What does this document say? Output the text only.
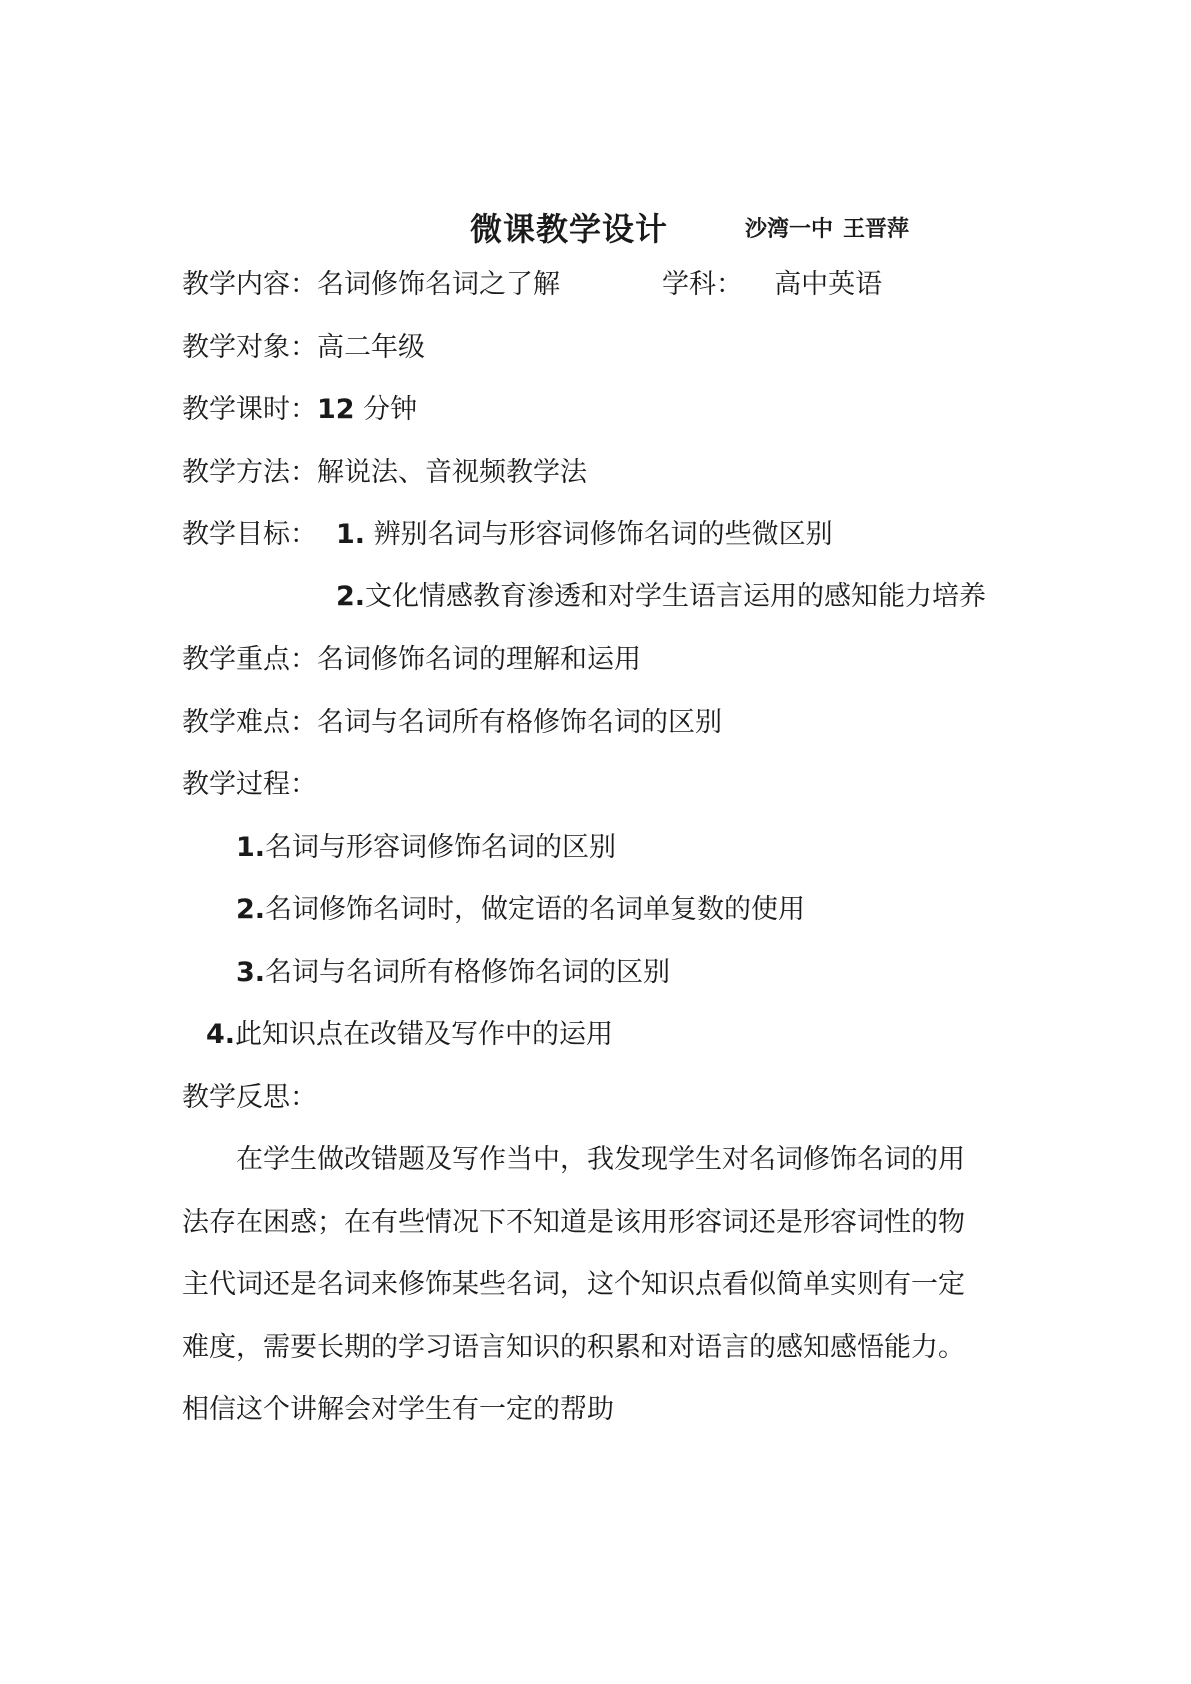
微课教学设计	沙湾一中 王晋萍
教学内容：名词修饰名词之了解	学科： 高中英语
教学对象：高二年级
教学课时：12 分钟
教学方法：解说法、音视频教学法
教学目标： 1. 辨别名词与形容词修饰名词的些微区别
2.文化情感教育渗透和对学生语言运用的感知能力培养
教学重点：名词修饰名词的理解和运用
教学难点：名词与名词所有格修饰名词的区别
教学过程：
1.名词与形容词修饰名词的区别
2.名词修饰名词时，做定语的名词单复数的使用
3.名词与名词所有格修饰名词的区别
4.此知识点在改错及写作中的运用
教学反思：
在学生做改错题及写作当中，我发现学生对名词修饰名词的用
法存在困惑；在有些情况下不知道是该用形容词还是形容词性的物
主代词还是名词来修饰某些名词，这个知识点看似简单实则有一定
难度，需要长期的学习语言知识的积累和对语言的感知感悟能力。
相信这个讲解会对学生有一定的帮助
